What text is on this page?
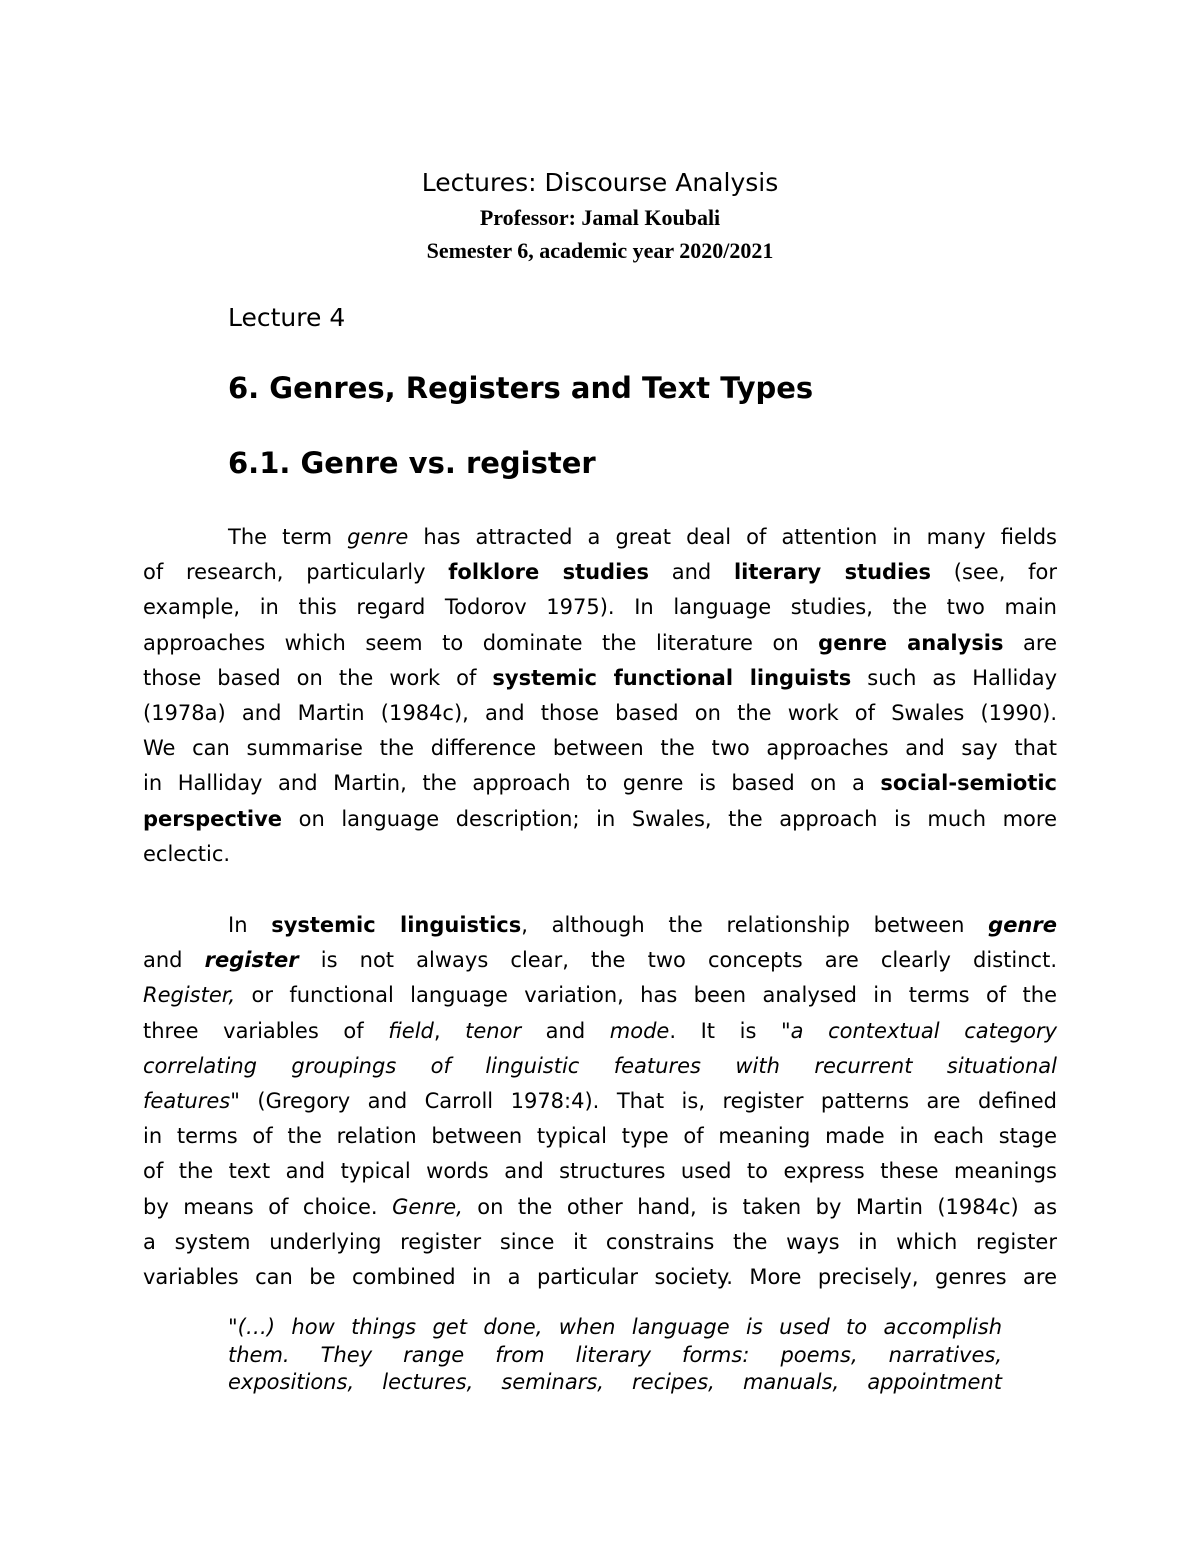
Lectures: Discourse Analysis
Professor: Jamal Koubali
Semester 6, academic year 2020/2021
Lecture 4
6. Genres, Registers and Text Types
6.1. Genre vs. register
The term genre has attracted a great deal of attention in many fields
of research, particularly folklore studies and literary studies (see, for
example, in this regard Todorov 1975). In language studies, the two main
approaches which seem to dominate the literature on genre analysis are
those based on the work of systemic functional linguists such as Halliday
(1978a) and Martin (1984c), and those based on the work of Swales (1990).
We can summarise the difference between the two approaches and say that
in Halliday and Martin, the approach to genre is based on a social-semiotic
perspective on language description; in Swales, the approach is much more
eclectic.
In systemic linguistics, although the relationship between genre
and register is not always clear, the two concepts are clearly distinct.
Register, or functional language variation, has been analysed in terms of the
three variables of field, tenor and mode. It is "a contextual category
correlating groupings of linguistic features with recurrent situational
features" (Gregory and Carroll 1978:4). That is, register patterns are defined
in terms of the relation between typical type of meaning made in each stage
of the text and typical words and structures used to express these meanings
by means of choice. Genre, on the other hand, is taken by Martin (1984c) as
a system underlying register since it constrains the ways in which register
variables can be combined in a particular society. More precisely, genres are
"(…) how things get done, when language is used to accomplish
them. They range from literary forms: poems, narratives,
expositions, lectures, seminars, recipes, manuals, appointment
